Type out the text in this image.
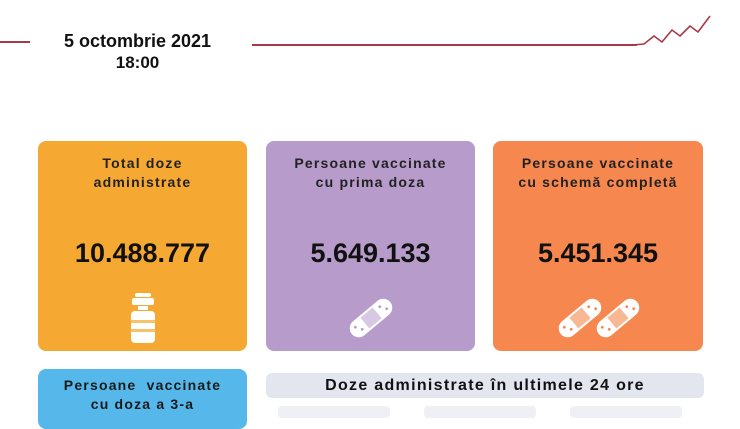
5 octombrie 2021
18:00
Total doze
administrate
10.488.777
Persoane vaccinate
cu prima doza
5.649.133
Persoane vaccinate
cu schemă completă
5.451.345
Persoane  vaccinate
cu doza a 3-a
Doze administrate în ultimele 24 ore
